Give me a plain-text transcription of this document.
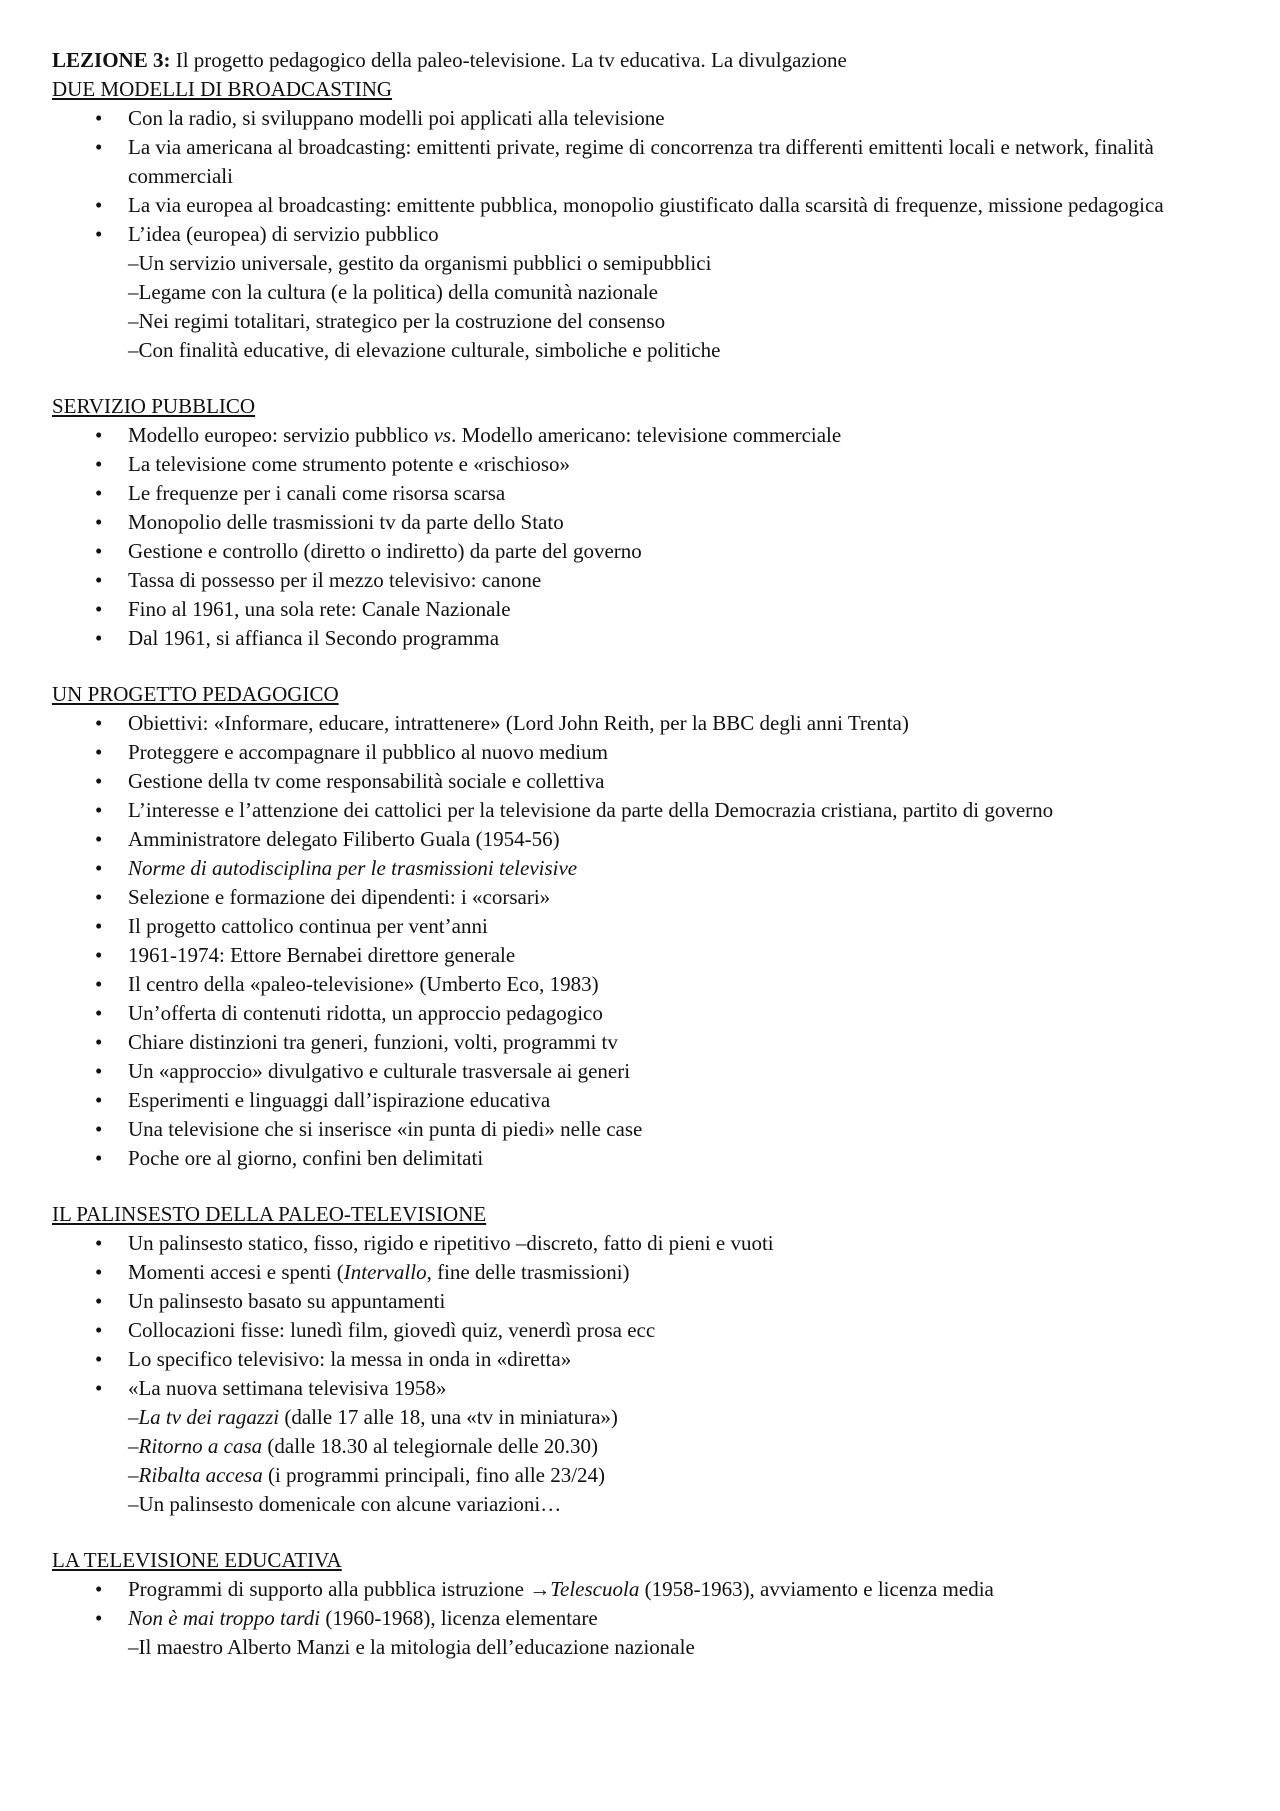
LEZIONE 3: Il progetto pedagogico della paleo-televisione. La tv educativa. La divulgazione

DUE MODELLI DI BROADCASTING

• Con la radio, si sviluppano modelli poi applicati alla televisione
• La via americana al broadcasting: emittenti private, regime di concorrenza tra differenti emittenti locali e network, finalità commerciali
• La via europea al broadcasting: emittente pubblica, monopolio giustificato dalla scarsità di frequenze, missione pedagogica
• L’idea (europea) di servizio pubblico
–Un servizio universale, gestito da organismi pubblici o semipubblici
–Legame con la cultura (e la politica) della comunità nazionale
–Nei regimi totalitari, strategico per la costruzione del consenso
–Con finalità educative, di elevazione culturale, simboliche e politiche

SERVIZIO PUBBLICO

• Modello europeo: servizio pubblico vs. Modello americano: televisione commerciale
• La televisione come strumento potente e «rischioso»
• Le frequenze per i canali come risorsa scarsa
• Monopolio delle trasmissioni tv da parte dello Stato
• Gestione e controllo (diretto o indiretto) da parte del governo
• Tassa di possesso per il mezzo televisivo: canone
• Fino al 1961, una sola rete: Canale Nazionale
• Dal 1961, si affianca il Secondo programma

UN PROGETTO PEDAGOGICO

• Obiettivi: «Informare, educare, intrattenere» (Lord John Reith, per la BBC degli anni Trenta)
• Proteggere e accompagnare il pubblico al nuovo medium
• Gestione della tv come responsabilità sociale e collettiva
• L’interesse e l’attenzione dei cattolici per la televisione da parte della Democrazia cristiana, partito di governo
• Amministratore delegato Filiberto Guala (1954-56)
• Norme di autodisciplina per le trasmissioni televisive
• Selezione e formazione dei dipendenti: i «corsari»
• Il progetto cattolico continua per vent’anni
• 1961-1974: Ettore Bernabei direttore generale
• Il centro della «paleo-televisione» (Umberto Eco, 1983)
• Un’offerta di contenuti ridotta, un approccio pedagogico
• Chiare distinzioni tra generi, funzioni, volti, programmi tv
• Un «approccio» divulgativo e culturale trasversale ai generi
• Esperimenti e linguaggi dall’ispirazione educativa
• Una televisione che si inserisce «in punta di piedi» nelle case
• Poche ore al giorno, confini ben delimitati

IL PALINSESTO DELLA PALEO-TELEVISIONE

• Un palinsesto statico, fisso, rigido e ripetitivo –discreto, fatto di pieni e vuoti
• Momenti accesi e spenti (Intervallo, fine delle trasmissioni)
• Un palinsesto basato su appuntamenti
• Collocazioni fisse: lunedì film, giovedì quiz, venerdì prosa ecc
• Lo specifico televisivo: la messa in onda in «diretta»
• «La nuova settimana televisiva 1958»
–La tv dei ragazzi (dalle 17 alle 18, una «tv in miniatura»)
–Ritorno a casa (dalle 18.30 al telegiornale delle 20.30)
–Ribalta accesa (i programmi principali, fino alle 23/24)
–Un palinsesto domenicale con alcune variazioni…

LA TELEVISIONE EDUCATIVA

• Programmi di supporto alla pubblica istruzione →Telescuola (1958-1963), avviamento e licenza media
• Non è mai troppo tardi (1960-1968), licenza elementare
–Il maestro Alberto Manzi e la mitologia dell’educazione nazionale
